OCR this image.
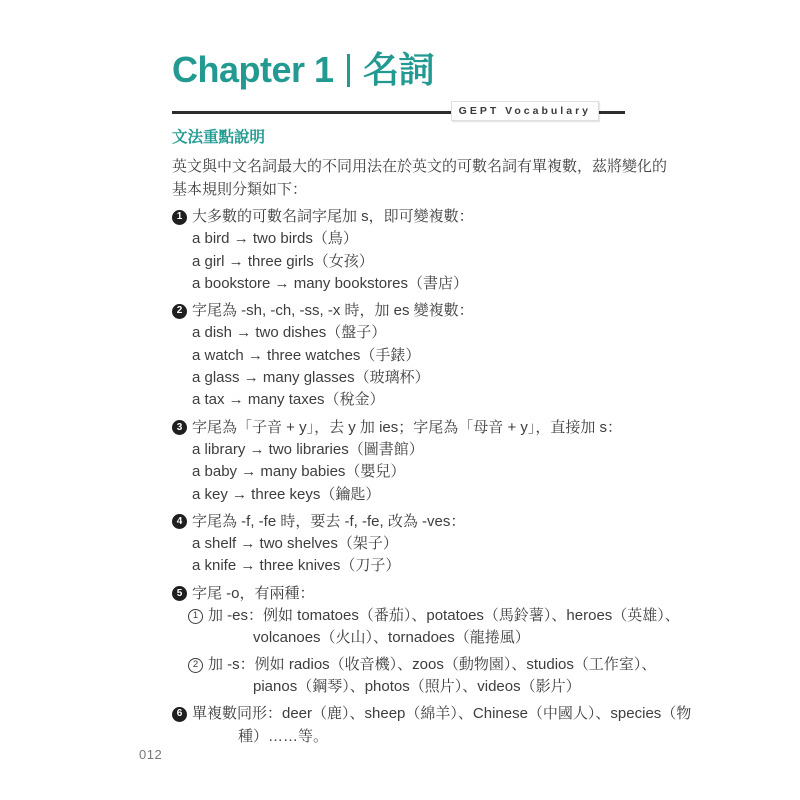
Chapter 1 名詞
GEPT Vocabulary
文法重點說明

英文與中文名詞最大的不同用法在於英文的可數名詞有單複數，茲將變化的
基本規則分類如下：

1 大多數的可數名詞字尾加 s，即可變複數：
a bird → two birds（鳥）
a girl → three girls（女孩）
a bookstore → many bookstores（書店）
2 字尾為 -sh, -ch, -ss, -x 時，加 es 變複數：
a dish → two dishes（盤子）
a watch → three watches（手錶）
a glass → many glasses（玻璃杯）
a tax → many taxes（稅金）
3 字尾為「子音 + y」，去 y 加 ies；字尾為「母音 + y」，直接加 s：
a library → two libraries（圖書館）
a baby → many babies（嬰兒）
a key → three keys（鑰匙）
4 字尾為 -f, -fe 時，要去 -f, -fe, 改為 -ves：
a shelf → two shelves（架子）
a knife → three knives（刀子）
5 字尾 -o，有兩種：
1 加 -es：例如 tomatoes（番茄）、potatoes（馬鈴薯）、heroes（英雄）、
volcanoes（火山）、tornadoes（龍捲風）
2 加 -s：例如 radios（收音機）、zoos（動物園）、studios（工作室）、
pianos（鋼琴）、photos（照片）、videos（影片）
6 單複數同形：deer（鹿）、sheep（綿羊）、Chinese（中國人）、species（物
種）……等。
012
